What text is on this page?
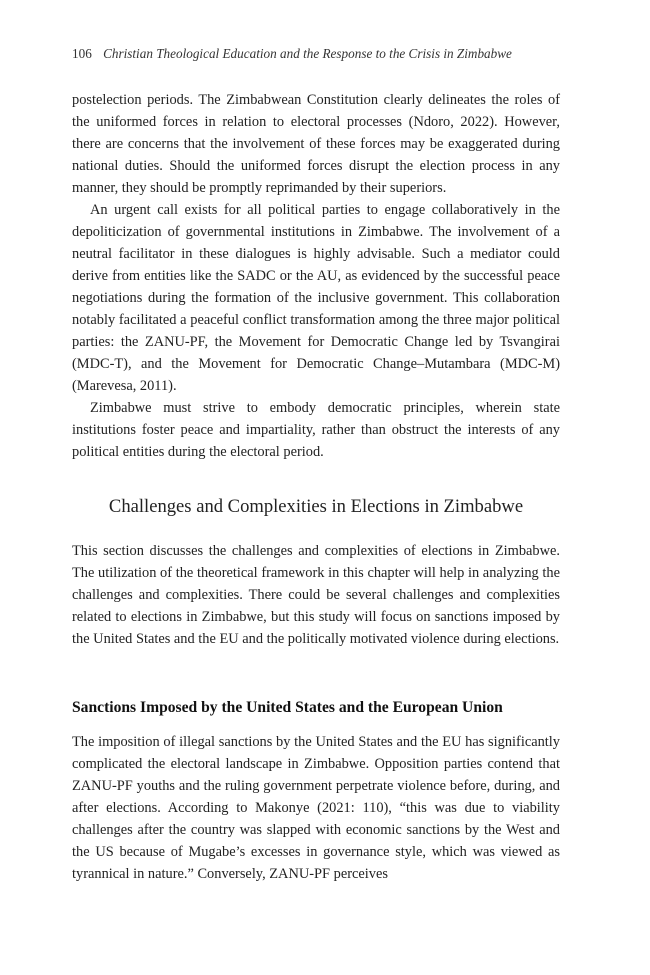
106 Christian Theological Education and the Response to the Crisis in Zimbabwe

postelection periods. The Zimbabwean Constitution clearly delineates the roles of the uniformed forces in relation to electoral processes (Ndoro, 2022). However, there are concerns that the involvement of these forces may be exaggerated during national duties. Should the uniformed forces disrupt the election process in any manner, they should be promptly reprimanded by their superiors.

An urgent call exists for all political parties to engage collaboratively in the depoliticization of governmental institutions in Zimbabwe. The involvement of a neutral facilitator in these dialogues is highly advisable. Such a mediator could derive from entities like the SADC or the AU, as evidenced by the successful peace negotiations during the formation of the inclusive government. This collaboration notably facilitated a peaceful conflict transformation among the three major political parties: the ZANU-PF, the Movement for Democratic Change led by Tsvangirai (MDC-T), and the Movement for Democratic Change–Mutambara (MDC-M) (Marevesa, 2011).

Zimbabwe must strive to embody democratic principles, wherein state institutions foster peace and impartiality, rather than obstruct the interests of any political entities during the electoral period.

Challenges and Complexities in Elections in Zimbabwe

This section discusses the challenges and complexities of elections in Zimbabwe. The utilization of the theoretical framework in this chapter will help in analyzing the challenges and complexities. There could be several challenges and complexities related to elections in Zimbabwe, but this study will focus on sanctions imposed by the United States and the EU and the politically motivated violence during elections.

Sanctions Imposed by the United States and the European Union

The imposition of illegal sanctions by the United States and the EU has significantly complicated the electoral landscape in Zimbabwe. Opposition parties contend that ZANU-PF youths and the ruling government perpetrate violence before, during, and after elections. According to Makonye (2021: 110), “this was due to viability challenges after the country was slapped with economic sanctions by the West and the US because of Mugabe’s excesses in governance style, which was viewed as tyrannical in nature.” Conversely, ZANU-PF perceives
